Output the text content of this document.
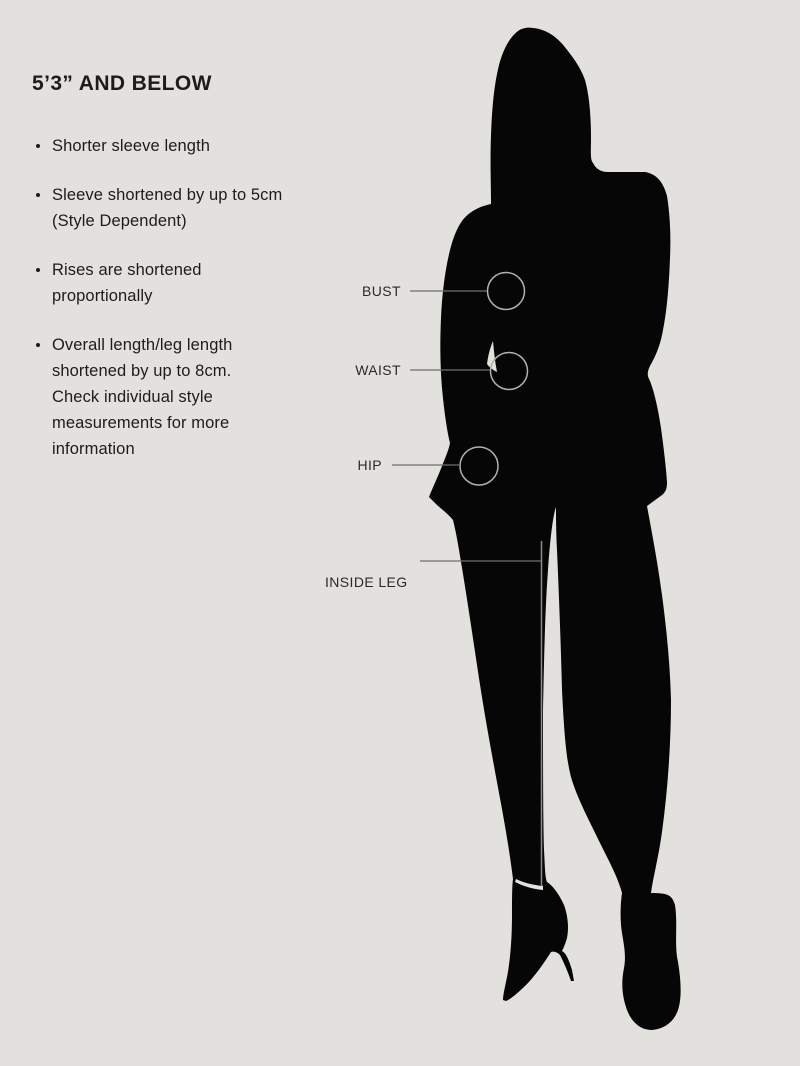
5’3” AND BELOW
Shorter sleeve length
Sleeve shortened by up to 5cm
(Style Dependent)
Rises are shortened
proportionally
Overall length/leg length
shortened by up to 8cm.
Check individual style
measurements for more
information
BUST
WAIST
HIP
INSIDE LEG
